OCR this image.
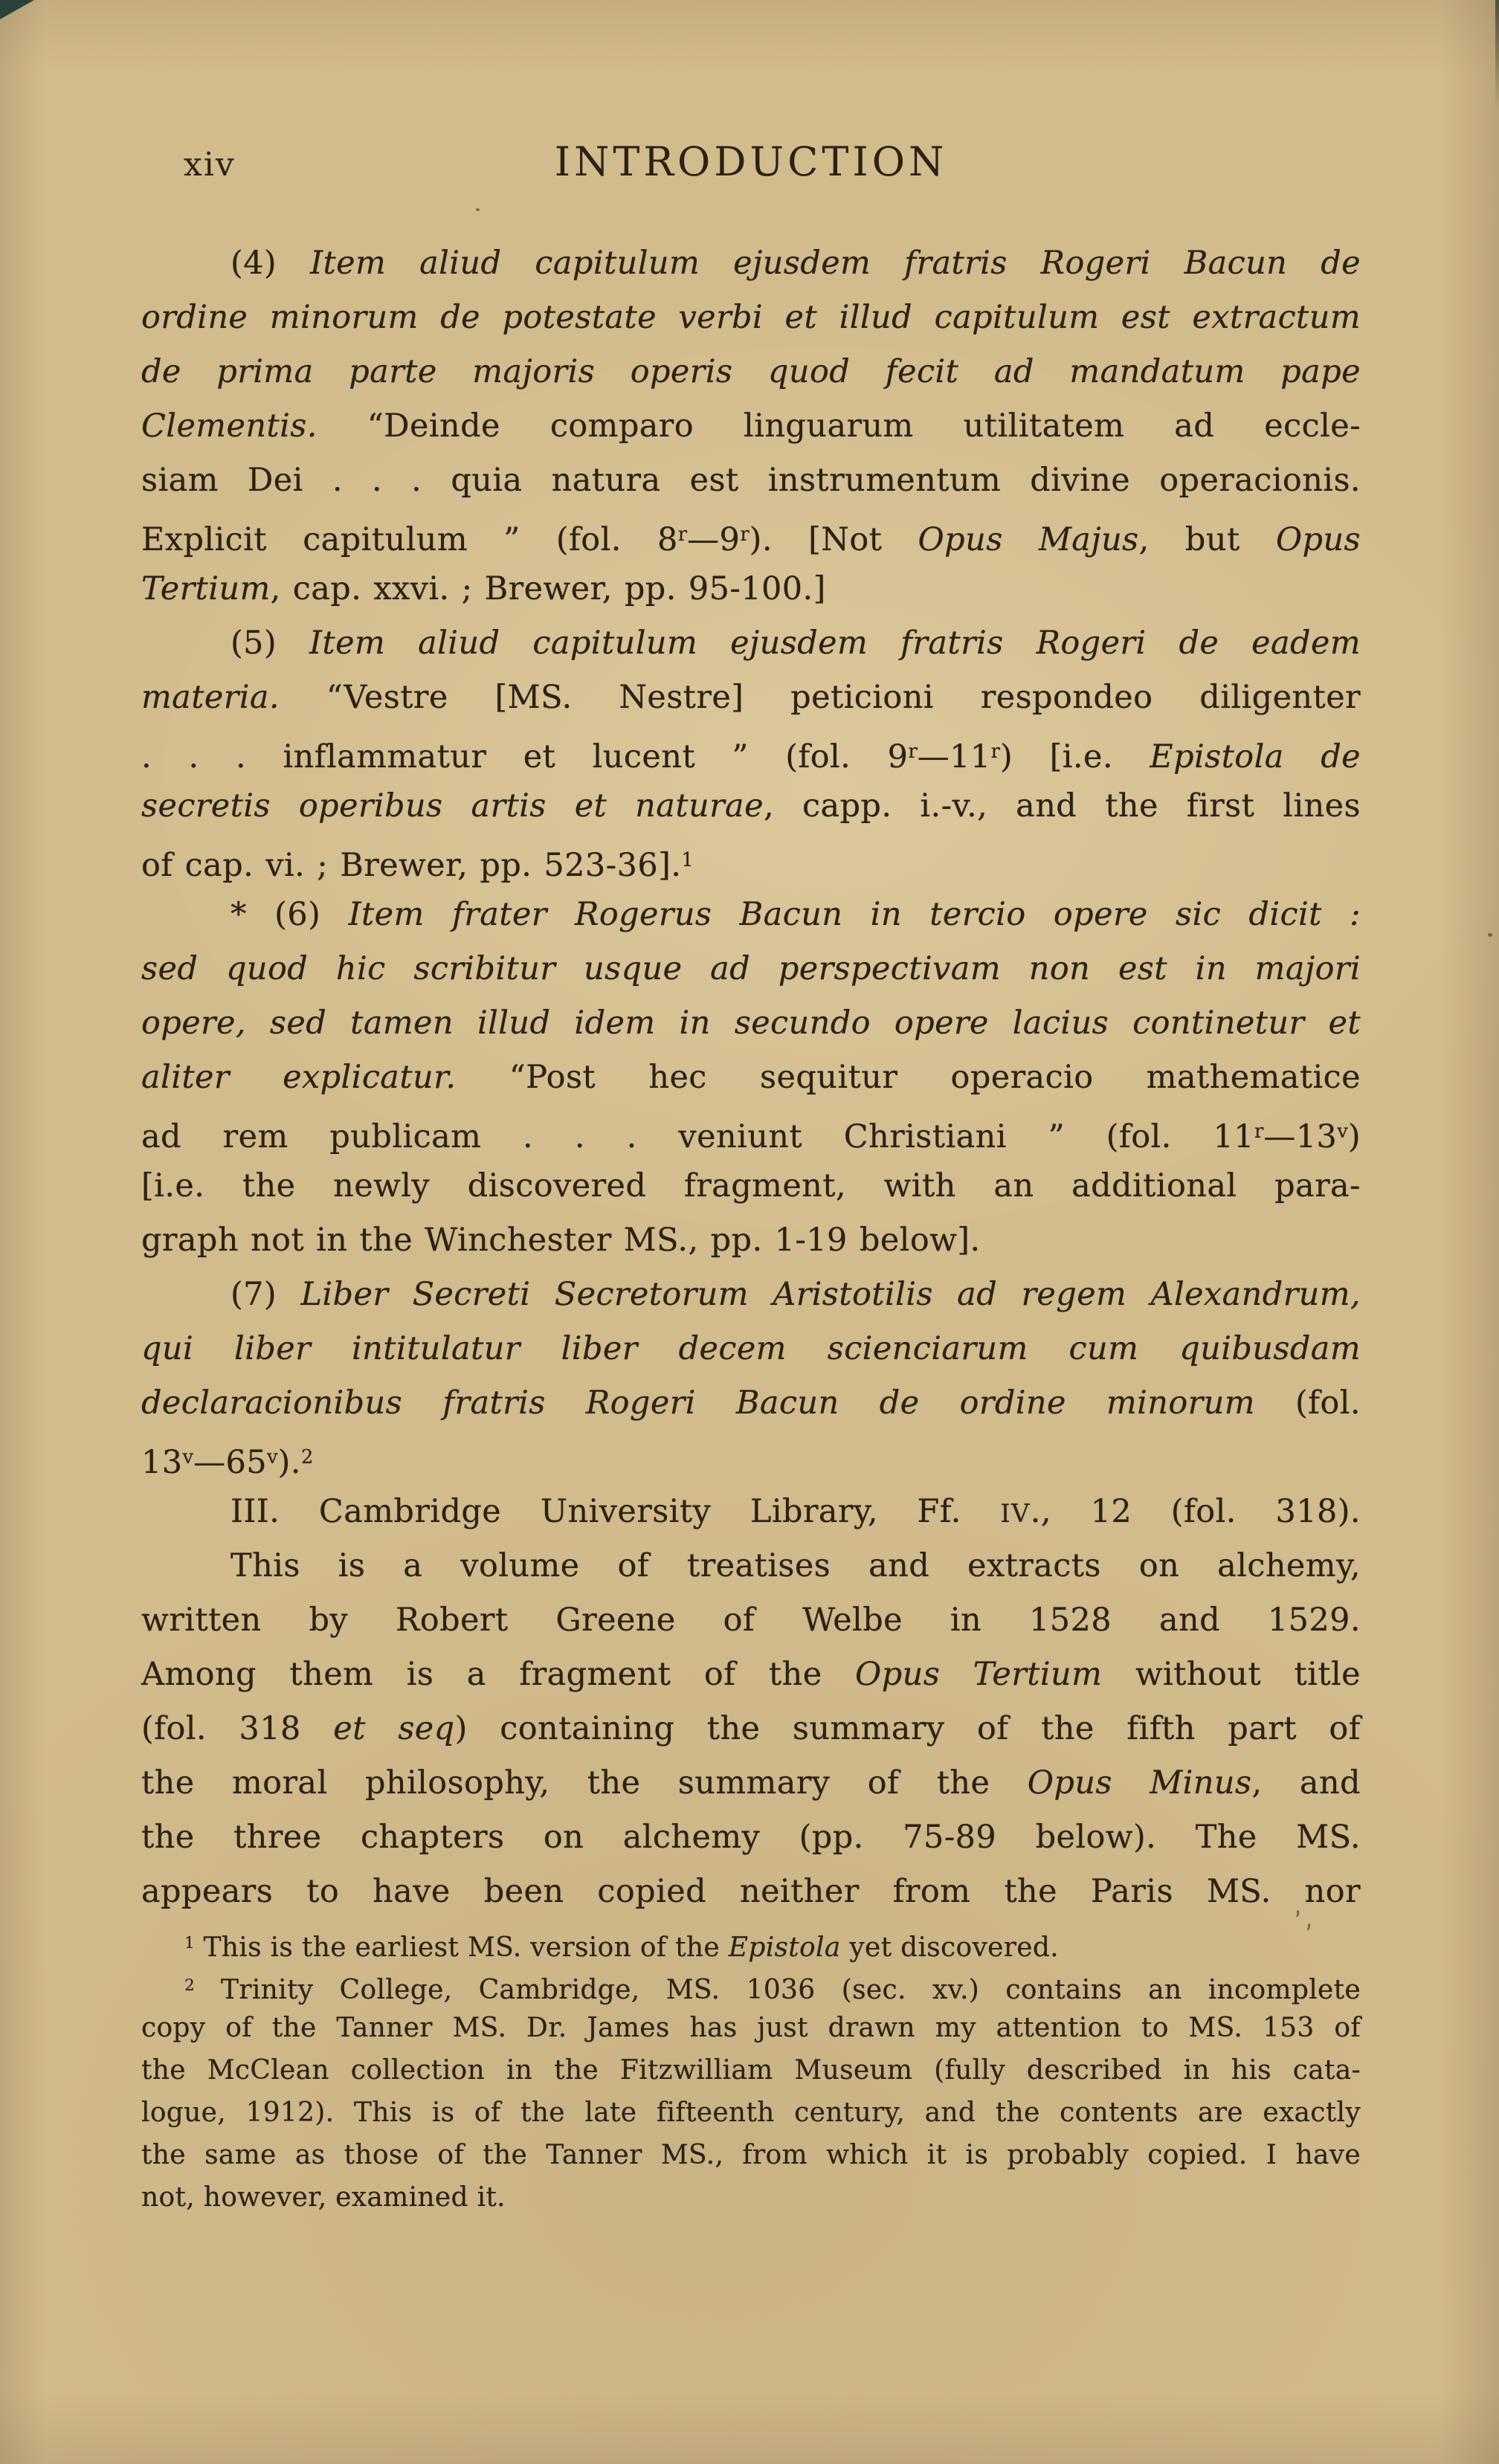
xiv	INTRODUCTION
(4) Item aliud capitulum ejusdem fratris Rogeri Bacun de
ordine minorum de potestate verbi et illud capitulum est extractum
de prima parte majoris operis quod fecit ad mandatum pape
Clementis. “Deinde comparo linguarum utilitatem ad eccle-
siam Dei . . . quia natura est instrumentum divine operacionis.
Explicit capitulum ” (fol. 8$^r$—9$^r$). [Not Opus Majus, but Opus
Tertium, cap. xxvi. ; Brewer, pp. 95-100.]
(5) Item aliud capitulum ejusdem fratris Rogeri de eadem
materia. “Vestre [MS. Nestre] peticioni respondeo diligenter
. . . inflammatur et lucent ” (fol. 9$^r$—11$^r$) [i.e. Epistola de
secretis operibus artis et naturae, capp. i.-v., and the first lines
of cap. vi. ; Brewer, pp. 523-36].$^1$
* (6) Item frater Rogerus Bacun in tercio opere sic dicit :
sed quod hic scribitur usque ad perspectivam non est in majori
opere, sed tamen illud idem in secundo opere lacius continetur et
aliter explicatur. “Post hec sequitur operacio mathematice
ad rem publicam . . . veniunt Christiani ” (fol. 11$^r$—13$^v$)
[i.e. the newly discovered fragment, with an additional para-
graph not in the Winchester MS., pp. 1-19 below].
(7) Liber Secreti Secretorum Aristotilis ad regem Alexandrum,
qui liber intitulatur liber decem scienciarum cum quibusdam
declaracionibus fratris Rogeri Bacun de ordine minorum (fol.
13$^v$—65$^v$).$^2$
III. Cambridge University Library, Ff. IV., 12 (fol. 318).
This is a volume of treatises and extracts on alchemy,
written by Robert Greene of Welbe in 1528 and 1529.
Among them is a fragment of the Opus Tertium without title
(fol. 318 et seq) containing the summary of the fifth part of
the moral philosophy, the summary of the Opus Minus, and
the three chapters on alchemy (pp. 75-89 below). The MS.
appears to have been copied neither from the Paris MS. nor
$^1$ This is the earliest MS. version of the Epistola yet discovered.
$^2$ Trinity College, Cambridge, MS. 1036 (sec. xv.) contains an incomplete
copy of the Tanner MS. Dr. James has just drawn my attention to MS. 153 of
the McClean collection in the Fitzwilliam Museum (fully described in his cata-
logue, 1912). This is of the late fifteenth century, and the contents are exactly
the same as those of the Tanner MS., from which it is probably copied. I have
not, however, examined it.
’,
